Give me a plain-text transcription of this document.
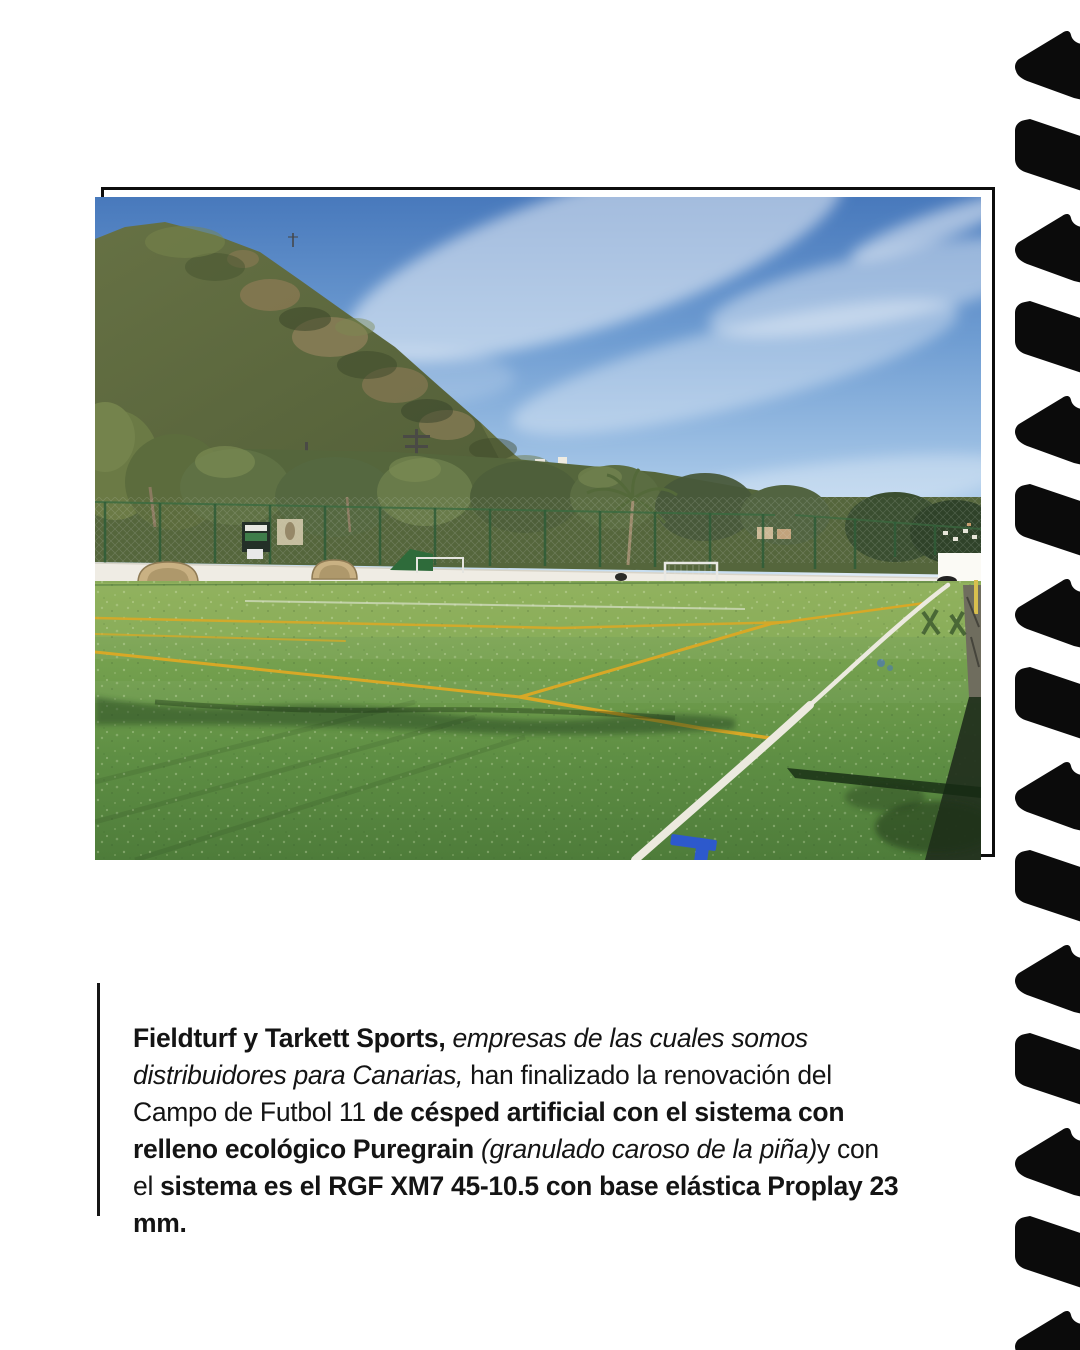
Fieldturf y Tarkett Sports, empresas de las cuales somos distribuidores para Canarias, han finalizado la renovación del Campo de Futbol 11 de césped artificial con el sistema con relleno ecológico Puregrain (granulado caroso de la piña)y con el sistema es el RGF XM7 45-10.5 con base elástica Proplay 23 mm.
